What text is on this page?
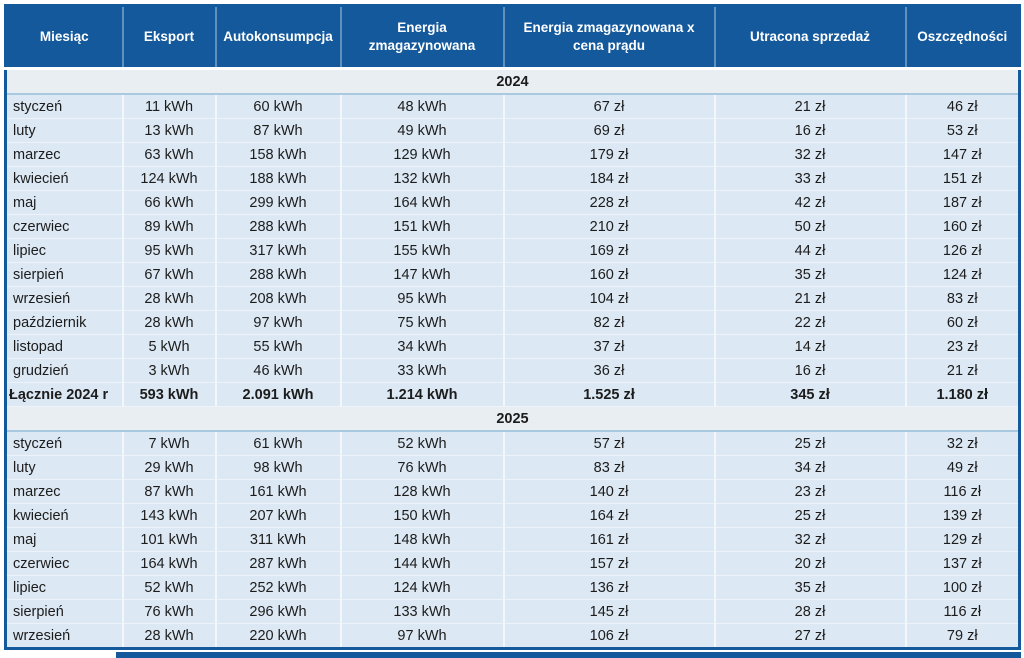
Miesiąc	Eksport	Autokonsumpcja	Energia zmagazynowana	Energia zmagazynowana x cena prądu	Utracona sprzedaż	Oszczędności
2024						
styczeń	11 kWh	60 kWh	48 kWh	67 zł	21 zł	46 zł
luty	13 kWh	87 kWh	49 kWh	69 zł	16 zł	53 zł
marzec	63 kWh	158 kWh	129 kWh	179 zł	32 zł	147 zł
kwiecień	124 kWh	188 kWh	132 kWh	184 zł	33 zł	151 zł
maj	66 kWh	299 kWh	164 kWh	228 zł	42 zł	187 zł
czerwiec	89 kWh	288 kWh	151 kWh	210 zł	50 zł	160 zł
lipiec	95 kWh	317 kWh	155 kWh	169 zł	44 zł	126 zł
sierpień	67 kWh	288 kWh	147 kWh	160 zł	35 zł	124 zł
wrzesień	28 kWh	208 kWh	95 kWh	104 zł	21 zł	83 zł
październik	28 kWh	97 kWh	75 kWh	82 zł	22 zł	60 zł
listopad	5 kWh	55 kWh	34 kWh	37 zł	14 zł	23 zł
grudzień	3 kWh	46 kWh	33 kWh	36 zł	16 zł	21 zł
Łącznie 2024 r	593 kWh	2.091 kWh	1.214 kWh	1.525 zł	345 zł	1.180 zł
2025						
styczeń	7 kWh	61 kWh	52 kWh	57 zł	25 zł	32 zł
luty	29 kWh	98 kWh	76 kWh	83 zł	34 zł	49 zł
marzec	87 kWh	161 kWh	128 kWh	140 zł	23 zł	116 zł
kwiecień	143 kWh	207 kWh	150 kWh	164 zł	25 zł	139 zł
maj	101 kWh	311 kWh	148 kWh	161 zł	32 zł	129 zł
czerwiec	164 kWh	287 kWh	144 kWh	157 zł	20 zł	137 zł
lipiec	52 kWh	252 kWh	124 kWh	136 zł	35 zł	100 zł
sierpień	76 kWh	296 kWh	133 kWh	145 zł	28 zł	116 zł
wrzesień	28 kWh	220 kWh	97 kWh	106 zł	27 zł	79 zł
